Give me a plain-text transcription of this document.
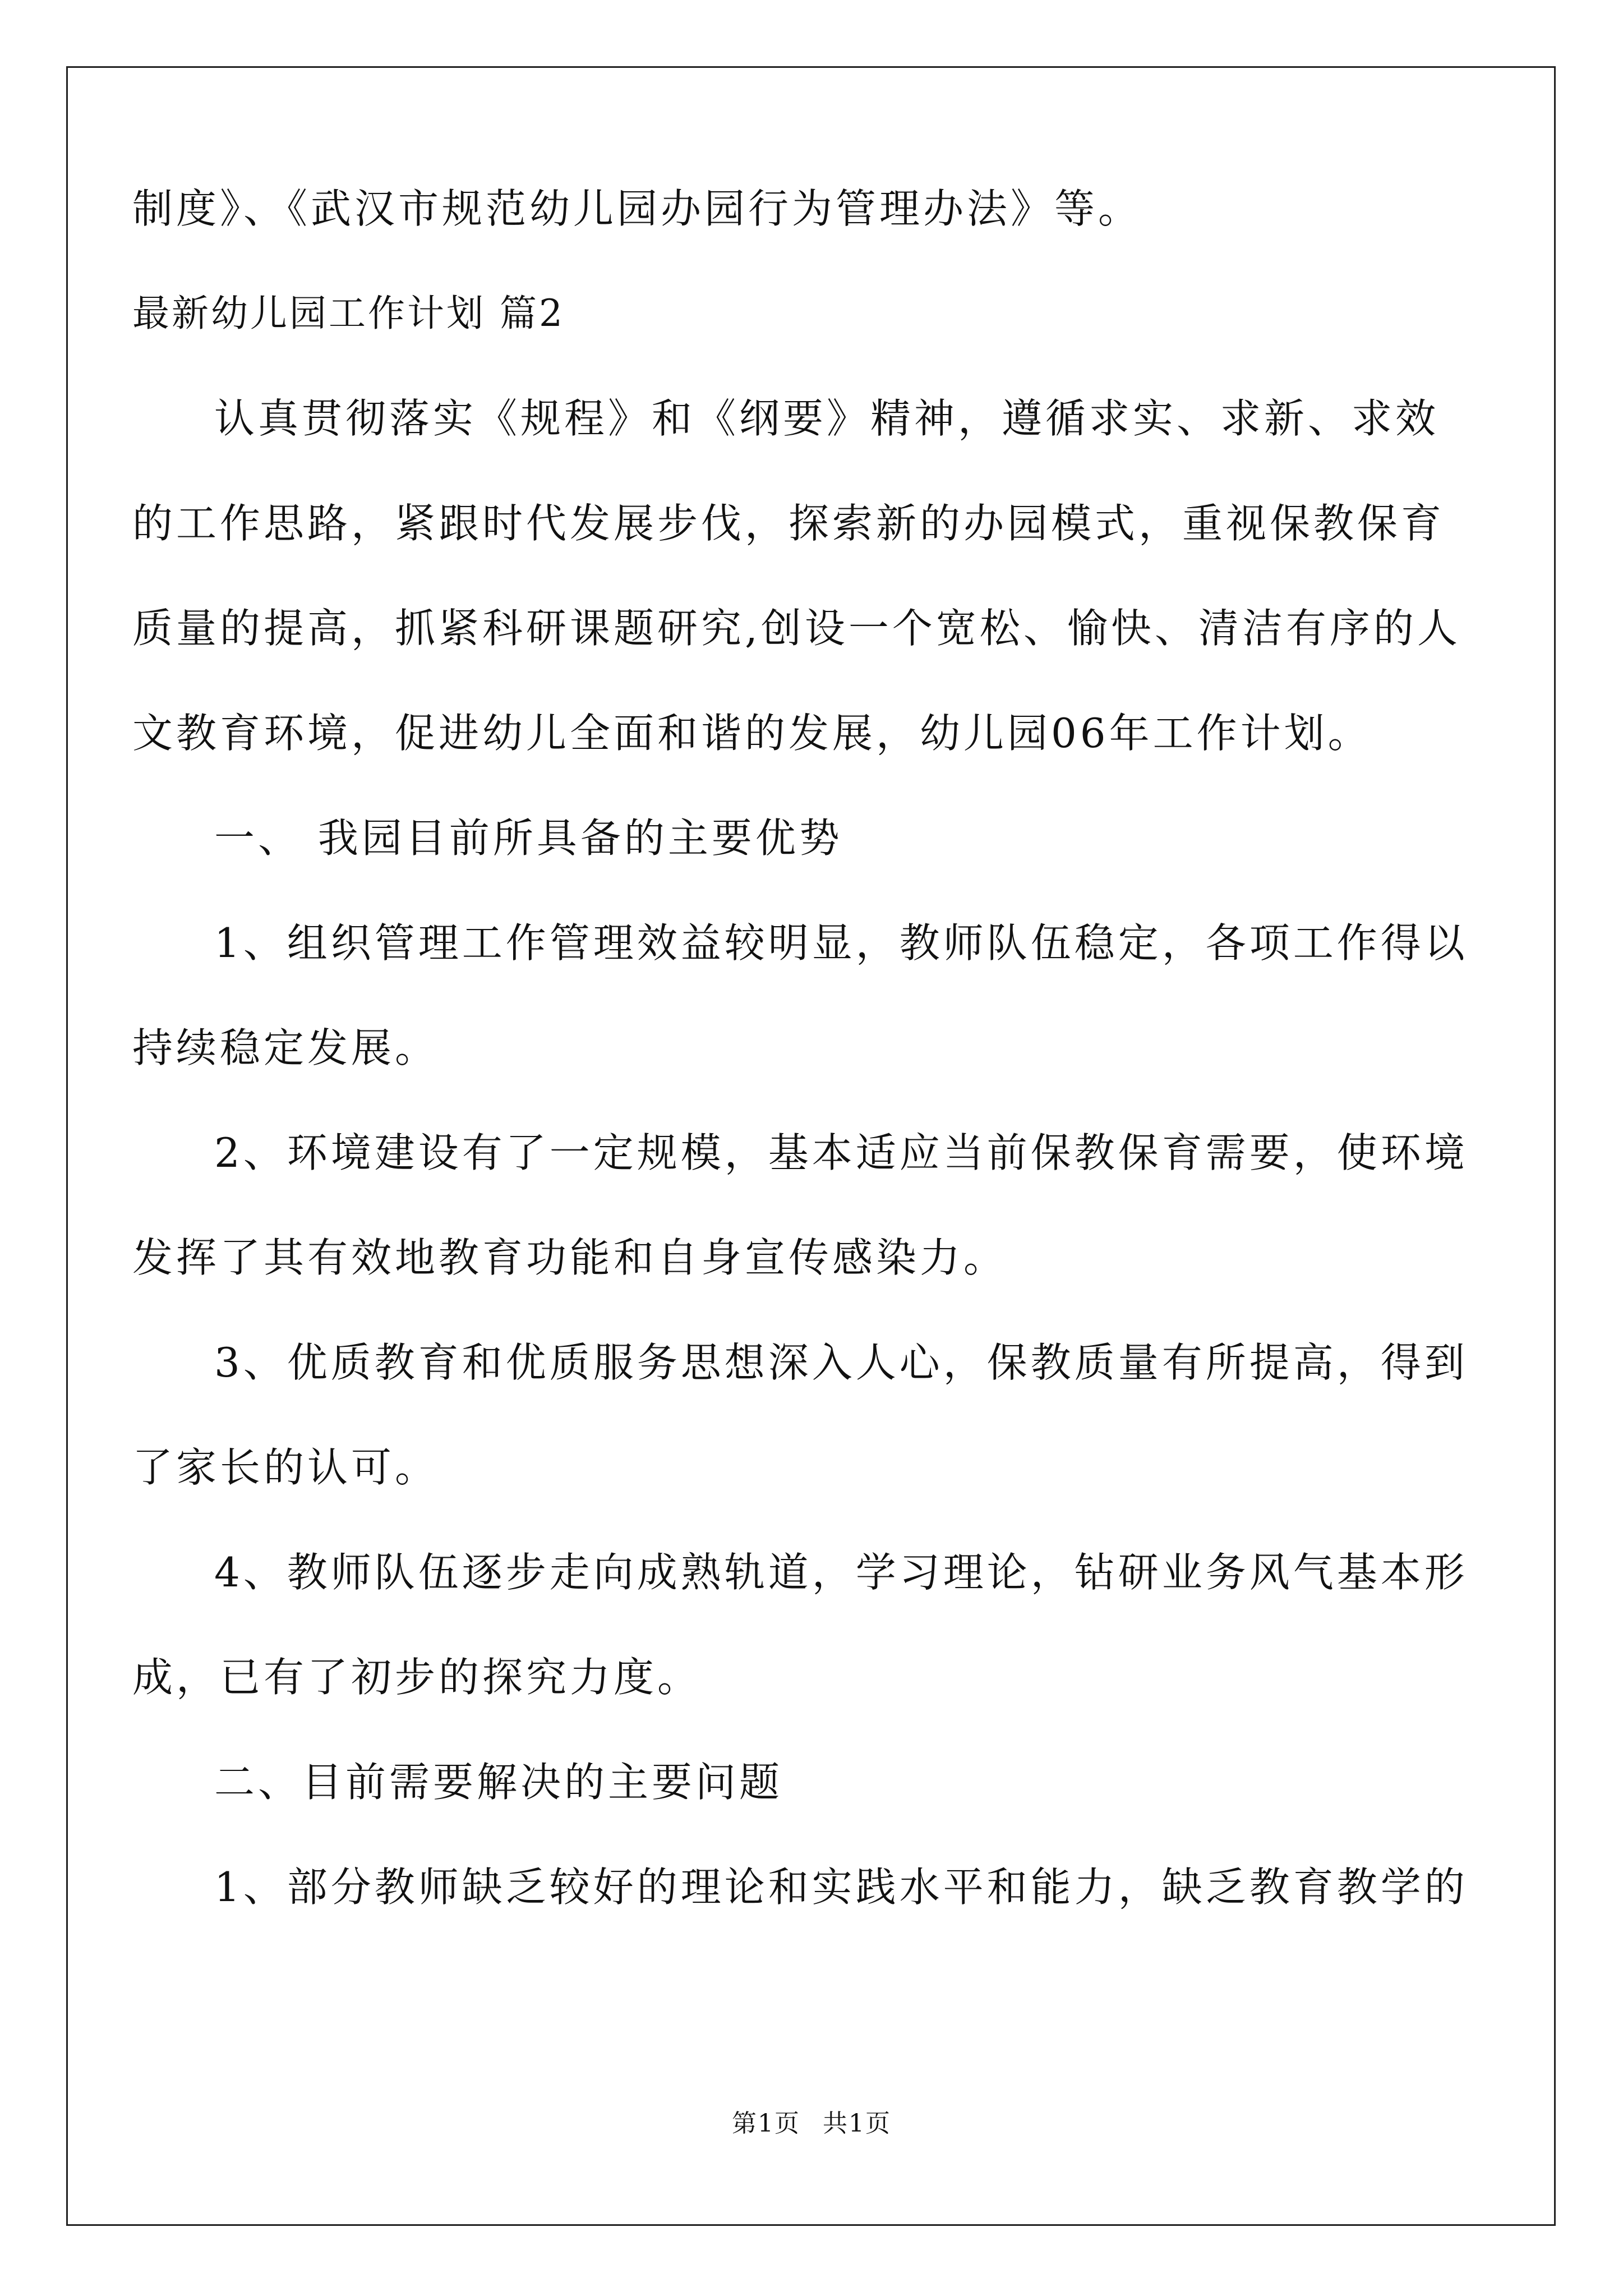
制度》、《武汉市规范幼儿园办园行为管理办法》等。

最新幼儿园工作计划 篇2

认真贯彻落实《规程》和《纲要》精神，遵循求实、求新、求效

的工作思路，紧跟时代发展步伐，探索新的办园模式，重视保教保育

质量的提高，抓紧科研课题研究,创设一个宽松、愉快、清洁有序的人

文教育环境，促进幼儿全面和谐的发展，幼儿园06年工作计划。

一、 我园目前所具备的主要优势

1、组织管理工作管理效益较明显，教师队伍稳定，各项工作得以

持续稳定发展。

2、环境建设有了一定规模，基本适应当前保教保育需要，使环境

发挥了其有效地教育功能和自身宣传感染力。

3、优质教育和优质服务思想深入人心，保教质量有所提高，得到

了家长的认可。

4、教师队伍逐步走向成熟轨道，学习理论，钻研业务风气基本形

成，已有了初步的探究力度。

二、目前需要解决的主要问题

1、部分教师缺乏较好的理论和实践水平和能力，缺乏教育教学的

第1页 共1页
